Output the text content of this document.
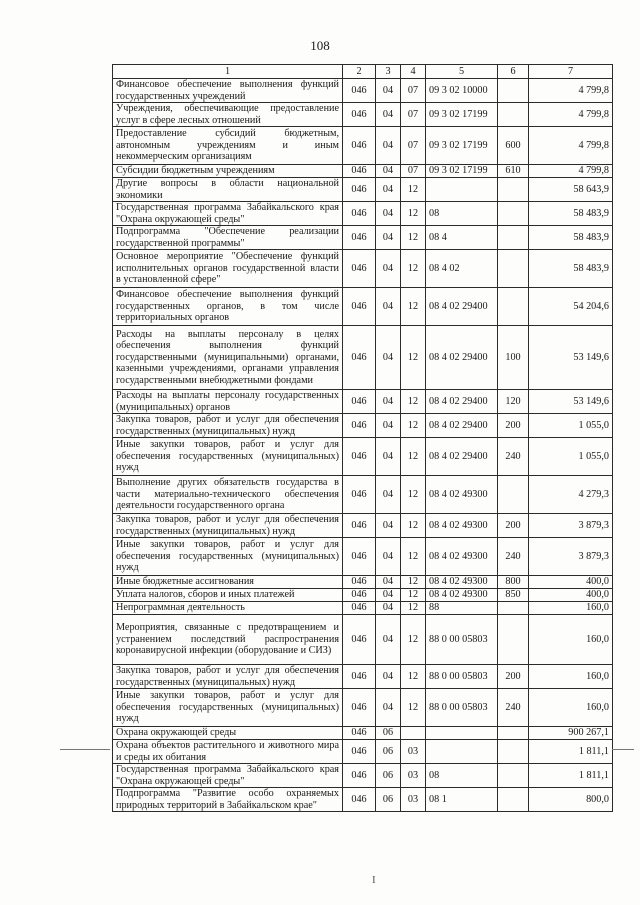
108
1	2	3	4	5	6	7
Финансовое обеспечение выполнения функций государственных учреждений	046	04	07	09 3 02 10000		4 799,8
Учреждения, обеспечивающие предоставление услуг в сфере лесных отношений	046	04	07	09 3 02 17199		4 799,8
Предоставление субсидий бюджетным, автономным учреждениям и иным некоммерческим организациям	046	04	07	09 3 02 17199	600	4 799,8
Субсидии бюджетным учреждениям	046	04	07	09 3 02 17199	610	4 799,8
Другие вопросы в области национальной экономики	046	04	12			58 643,9
Государственная программа Забайкальского края "Охрана окружающей среды"	046	04	12	08		58 483,9
Подпрограмма "Обеспечение реализации государственной программы"	046	04	12	08 4		58 483,9
Основное мероприятие "Обеспечение функций исполнительных органов государственной власти в установленной сфере"	046	04	12	08 4 02		58 483,9
Финансовое обеспечение выполнения функций государственных органов, в том числе территориальных органов	046	04	12	08 4 02 29400		54 204,6
Расходы на выплаты персоналу в целях обеспечения выполнения функций государственными (муниципальными) органами, казенными учреждениями, органами управления государственными внебюджетными фондами	046	04	12	08 4 02 29400	100	53 149,6
Расходы на выплаты персоналу государственных (муниципальных) органов	046	04	12	08 4 02 29400	120	53 149,6
Закупка товаров, работ и услуг для обеспечения государственных (муниципальных) нужд	046	04	12	08 4 02 29400	200	1 055,0
Иные закупки товаров, работ и услуг для обеспечения государственных (муниципальных) нужд	046	04	12	08 4 02 29400	240	1 055,0
Выполнение других обязательств государства в части материально-технического обеспечения деятельности государственного органа	046	04	12	08 4 02 49300		4 279,3
Закупка товаров, работ и услуг для обеспечения государственных (муниципальных) нужд	046	04	12	08 4 02 49300	200	3 879,3
Иные закупки товаров, работ и услуг для обеспечения государственных (муниципальных) нужд	046	04	12	08 4 02 49300	240	3 879,3
Иные бюджетные ассигнования	046	04	12	08 4 02 49300	800	400,0
Уплата налогов, сборов и иных платежей	046	04	12	08 4 02 49300	850	400,0
Непрограммная деятельность	046	04	12	88		160,0
Мероприятия, связанные с предотвращением и устранением последствий распространения коронавирусной инфекции (оборудование и СИЗ)	046	04	12	88 0 00 05803		160,0
Закупка товаров, работ и услуг для обеспечения государственных (муниципальных) нужд	046	04	12	88 0 00 05803	200	160,0
Иные закупки товаров, работ и услуг для обеспечения государственных (муниципальных) нужд	046	04	12	88 0 00 05803	240	160,0
Охрана окружающей среды	046	06				900 267,1
Охрана объектов растительного и животного мира и среды их обитания	046	06	03			1 811,1
Государственная программа Забайкальского края "Охрана окружающей среды"	046	06	03	08		1 811,1
Подпрограмма "Развитие особо охраняемых природных территорий в Забайкальском крае"	046	06	03	08 1		800,0
I
